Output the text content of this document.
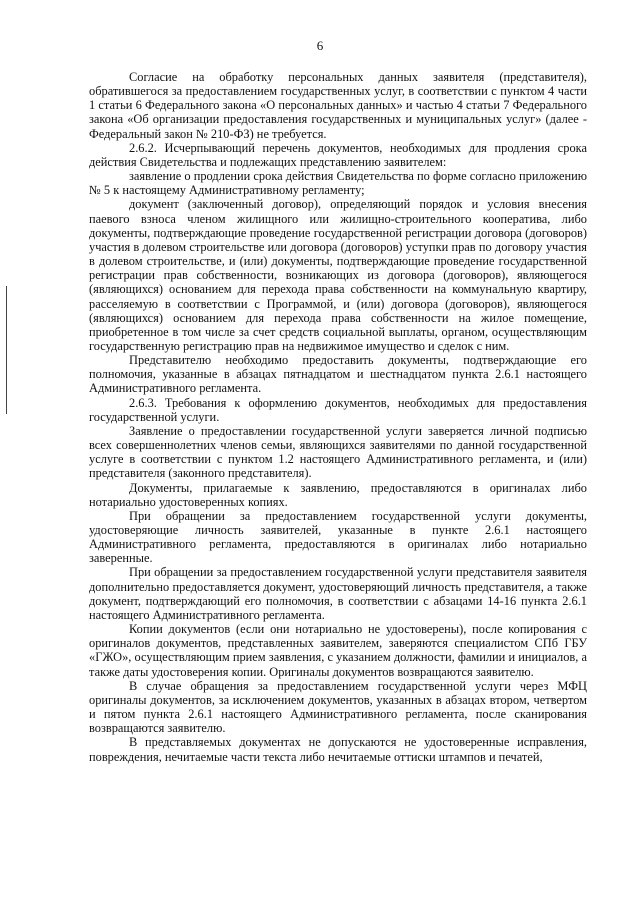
6

Согласие на обработку персональных данных заявителя (представителя), обратившегося за предоставлением государственных услуг, в соответствии с пунктом 4 части 1 статьи 6 Федерального закона «О персональных данных» и частью 4 статьи 7 Федерального закона «Об организации предоставления государственных и муниципальных услуг» (далее - Федеральный закон № 210-ФЗ) не требуется.

2.6.2. Исчерпывающий перечень документов, необходимых для продления срока действия Свидетельства и подлежащих представлению заявителем:

заявление о продлении срока действия Свидетельства по форме согласно приложению № 5 к настоящему Административному регламенту;

документ (заключенный договор), определяющий порядок и условия внесения паевого взноса членом жилищного или жилищно-строительного кооператива, либо документы, подтверждающие проведение государственной регистрации договора (договоров) участия в долевом строительстве или договора (договоров) уступки прав по договору участия в долевом строительстве, и (или) документы, подтверждающие проведение государственной регистрации прав собственности, возникающих из договора (договоров), являющегося (являющихся) основанием для перехода права собственности на коммунальную квартиру, расселяемую в соответствии с Программой, и (или) договора (договоров), являющегося (являющихся) основанием для перехода права собственности на жилое помещение, приобретенное в том числе за счет средств социальной выплаты, органом, осуществляющим государственную регистрацию прав на недвижимое имущество и сделок с ним.

Представителю необходимо предоставить документы, подтверждающие его полномочия, указанные в абзацах пятнадцатом и шестнадцатом пункта 2.6.1 настоящего Административного регламента.

2.6.3. Требования к оформлению документов, необходимых для предоставления государственной услуги.

Заявление о предоставлении государственной услуги заверяется личной подписью всех совершеннолетних членов семьи, являющихся заявителями по данной государственной услуге в соответствии с пунктом 1.2 настоящего Административного регламента, и (или) представителя (законного представителя).

Документы, прилагаемые к заявлению, предоставляются в оригиналах либо нотариально удостоверенных копиях.

При обращении за предоставлением государственной услуги документы, удостоверяющие личность заявителей, указанные в пункте 2.6.1 настоящего Административного регламента, предоставляются в оригиналах либо нотариально заверенные.

При обращении за предоставлением государственной услуги представителя заявителя дополнительно предоставляется документ, удостоверяющий личность представителя, а также документ, подтверждающий его полномочия, в соответствии с абзацами 14-16 пункта 2.6.1 настоящего Административного регламента.

Копии документов (если они нотариально не удостоверены), после копирования с оригиналов документов, представленных заявителем, заверяются специалистом СПб ГБУ «ГЖО», осуществляющим прием заявления, с указанием должности, фамилии и инициалов, а также даты удостоверения копии. Оригиналы документов возвращаются заявителю.

В случае обращения за предоставлением государственной услуги через МФЦ оригиналы документов, за исключением документов, указанных в абзацах втором, четвертом и пятом пункта 2.6.1 настоящего Административного регламента, после сканирования возвращаются заявителю.

В представляемых документах не допускаются не удостоверенные исправления, повреждения, нечитаемые части текста либо нечитаемые оттиски штампов и печатей,
